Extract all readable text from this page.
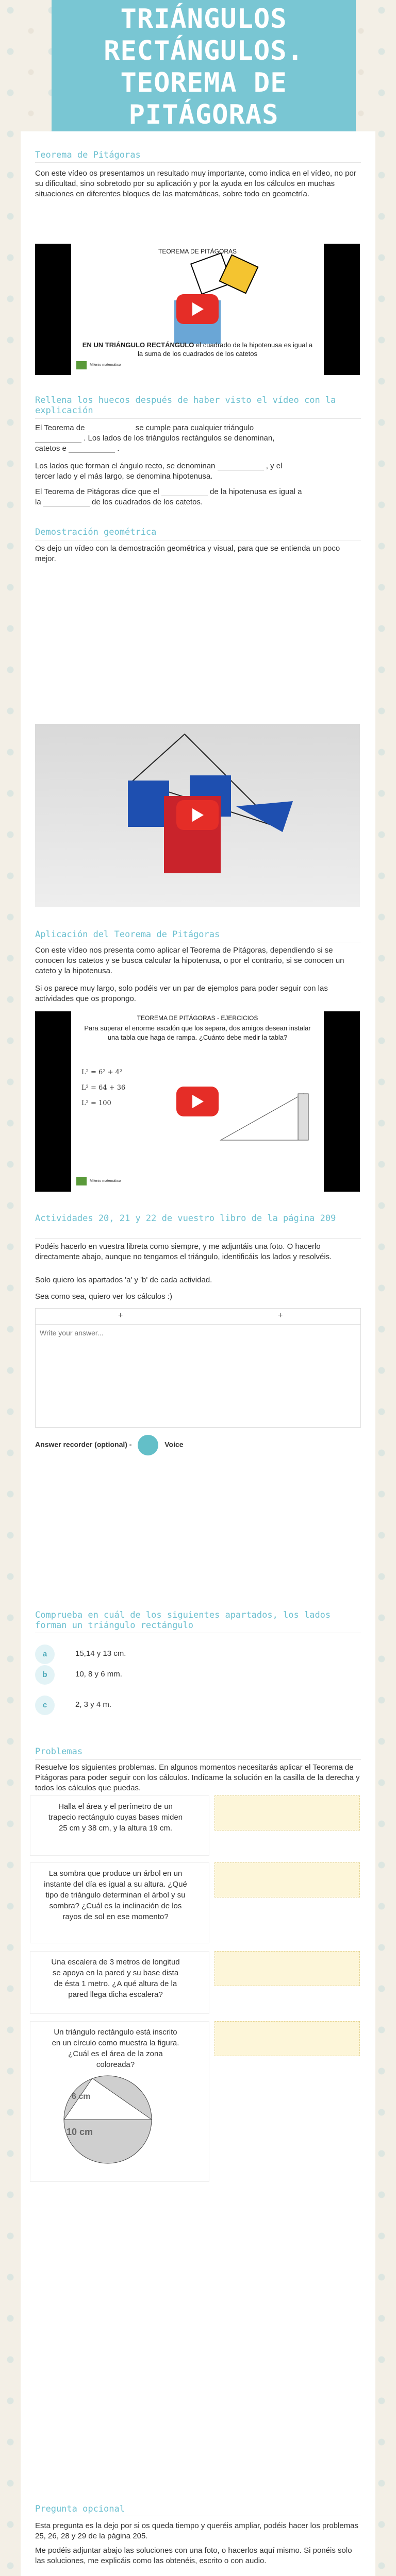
TRIÁNGULOS RECTÁNGULOS. TEOREMA DE PITÁGORAS
Teorema de Pitágoras
Con este vídeo os presentamos un resultado muy importante, como indica en el vídeo, no por su dificultad, sino sobretodo por su aplicación y por la ayuda en los cálculos en muchas situaciones en diferentes bloques de las matemáticas, sobre todo en geometría.
TEOREMA DE PITÁGORAS
EN UN TRIÁNGULO RECTÁNGULO el cuadrado de la hipotenusa es igual a la suma de los cuadrados de los catetos
Milenio matemático
Rellena los huecos después de haber visto el vídeo con la explicación
El Teorema de	se cumple para cualquier triángulo
. Los lados de los triángulos rectángulos se denominan,
catetos e	.
Los lados que forman el ángulo recto, se denominan	, y el
tercer lado y el más largo, se denomina hipotenusa.
El Teorema de Pitágoras dice que el	de la hipotenusa es igual a
la	de los cuadrados de los catetos.
Demostración geométrica
Os dejo un vídeo con la demostración geométrica y visual, para que se entienda un poco mejor.
Aplicación del Teorema de Pitágoras
Con este vídeo nos presenta como aplicar el Teorema de Pitágoras, dependiendo si se conocen los catetos y se busca calcular la hipotenusa, o por el contrario, si se conocen un cateto y la hipotenusa.
Si os parece muy largo, solo podéis ver un par de ejemplos para poder seguir con las actividades que os propongo.
TEOREMA DE PITÁGORAS - EJERCICIOS
Para superar el enorme escalón que los separa, dos amigos desean instalar una tabla que haga de rampa. ¿Cuánto debe medir la tabla?
L² = 6² + 4²
L² = 64 + 36
L² = 100
Milenio matemático
Actividades 20, 21 y 22 de vuestro libro de la página 209
Podéis hacerlo en vuestra libreta como siempre, y me adjuntáis una foto. O hacerlo directamente abajo, aunque no tengamos el triángulo, identificáis los lados y resolvéis.
Solo quiero los apartados 'a' y 'b' de cada actividad.
Sea como sea, quiero ver los cálculos :)
+	+
Write your answer...
Answer recorder (optional) -	Voice
Comprueba en cuál de los siguientes apartados, los lados forman un triángulo rectángulo
a	15,14 y 13 cm.
b	10, 8 y 6 mm.
c	2, 3 y 4 m.
Problemas
Resuelve los siguientes problemas. En algunos momentos necesitarás aplicar el Teorema de Pitágoras para poder seguir con los cálculos. Indícame la solución en la casilla de la derecha y todos los cálculos que puedas.
Halla el área y el perímetro de un trapecio rectángulo cuyas bases miden 25 cm y 38 cm, y la altura 19 cm.
La sombra que produce un árbol en un instante del día es igual a su altura. ¿Qué tipo de triángulo determinan el árbol y su sombra? ¿Cuál es la inclinación de los rayos de sol en ese momento?
Una escalera de 3 metros de longitud se apoya en la pared y su base dista de ésta 1 metro. ¿A qué altura de la pared llega dicha escalera?
Un triángulo rectángulo está inscrito en un círculo como muestra la figura. ¿Cuál es el área de la zona coloreada?
6 cm
10 cm
Pregunta opcional
Esta pregunta es la dejo por si os queda tiempo y queréis ampliar, podéis hacer los problemas 25, 26, 28 y 29 de la página 205.
Me podéis adjuntar abajo las soluciones con una foto, o hacerlos aquí mismo. Si ponéis solo las soluciones, me explicáis como las obtenéis, escrito o con audio.
